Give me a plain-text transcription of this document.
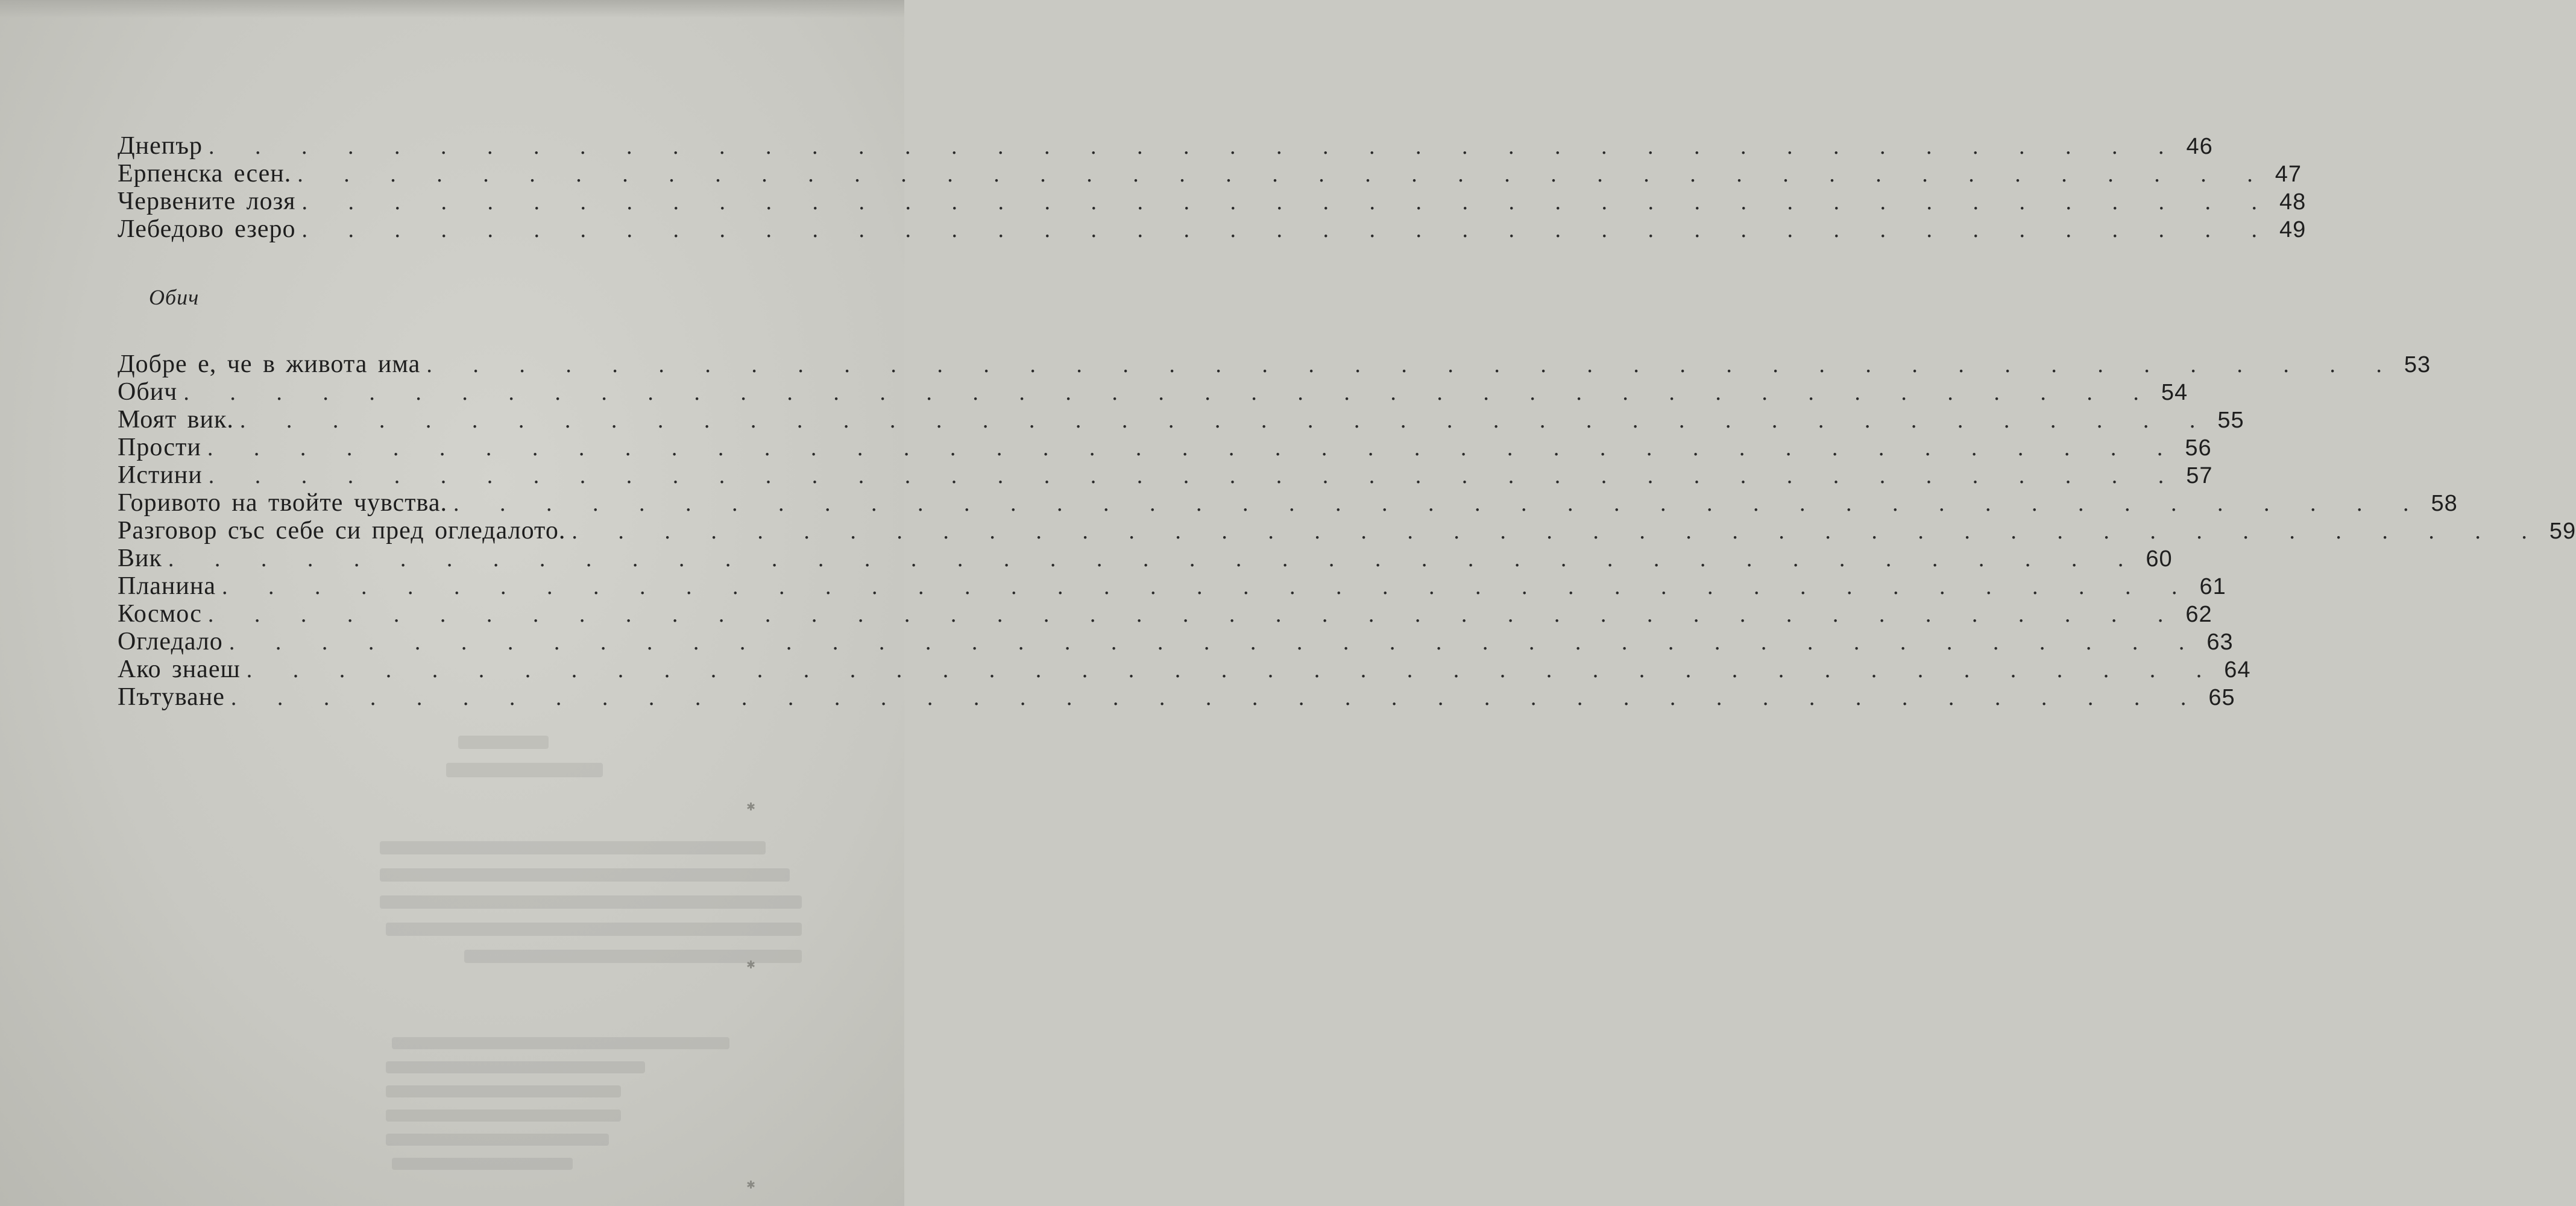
Днепър . . . . . . . . . . . . . . . . . . . . . . . . . . . . . . . . . . . . . . . . . . . 46
Ерпенска есен. . . . . . . . . . . . . . . . . . . . . . . . . . . . . . . . . . . . . . . . . . . . 47
Червените лозя . . . . . . . . . . . . . . . . . . . . . . . . . . . . . . . . . . . . . . . . . . . 48
Лебедово езеро . . . . . . . . . . . . . . . . . . . . . . . . . . . . . . . . . . . . . . . . . . . 49
Обич
Добре е, че в живота има . . . . . . . . . . . . . . . . . . . . . . . . . . . . . . . . . . . . . . . . . . . 53
Обич . . . . . . . . . . . . . . . . . . . . . . . . . . . . . . . . . . . . . . . . . . . 54
Моят вик. . . . . . . . . . . . . . . . . . . . . . . . . . . . . . . . . . . . . . . . . . . . 55
Прости . . . . . . . . . . . . . . . . . . . . . . . . . . . . . . . . . . . . . . . . . . . 56
Истини . . . . . . . . . . . . . . . . . . . . . . . . . . . . . . . . . . . . . . . . . . . 57
Горивото на твойте чувства. . . . . . . . . . . . . . . . . . . . . . . . . . . . . . . . . . . . . . . . . . . . 58
Разговор със себе си пред огледалото. . . . . . . . . . . . . . . . . . . . . . . . . . . . . . . . . . . . . . . . . . . . 59
Вик . . . . . . . . . . . . . . . . . . . . . . . . . . . . . . . . . . . . . . . . . . . 60
Планина . . . . . . . . . . . . . . . . . . . . . . . . . . . . . . . . . . . . . . . . . . . 61
Космос . . . . . . . . . . . . . . . . . . . . . . . . . . . . . . . . . . . . . . . . . . . 62
Огледало . . . . . . . . . . . . . . . . . . . . . . . . . . . . . . . . . . . . . . . . . . . 63
Ако знаеш . . . . . . . . . . . . . . . . . . . . . . . . . . . . . . . . . . . . . . . . . . . 64
Пътуване . . . . . . . . . . . . . . . . . . . . . . . . . . . . . . . . . . . . . . . . . . . 65
✱
✱
✱
